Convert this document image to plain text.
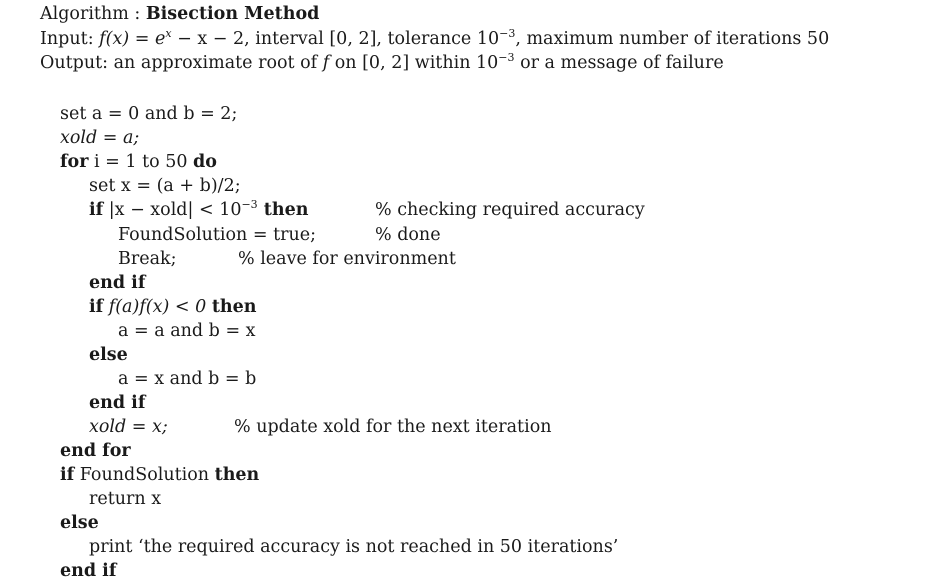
Algorithm : Bisection Method
Input: $f(x) = e^x - x - 2$, interval [0, 2], tolerance $10^{-3}$, maximum number of iterations 50
Output: an approximate root of f on [0, 2] within $10^{-3}$ or a message of failure
set a = 0 and b = 2;
xold = a;
for i = 1 to 50 do
set x = (a + b)/2;
if |x − xold| < $10^{-3}$ then	% checking required accuracy
FoundSolution = true;	% done
Break;	% leave for environment
end if
if f(a)f(x) < 0 then
a = a and b = x
else
a = x and b = b
end if
xold = x;	% update xold for the next iteration
end for
if FoundSolution then
return x
else
print ‘the required accuracy is not reached in 50 iterations’
end if
